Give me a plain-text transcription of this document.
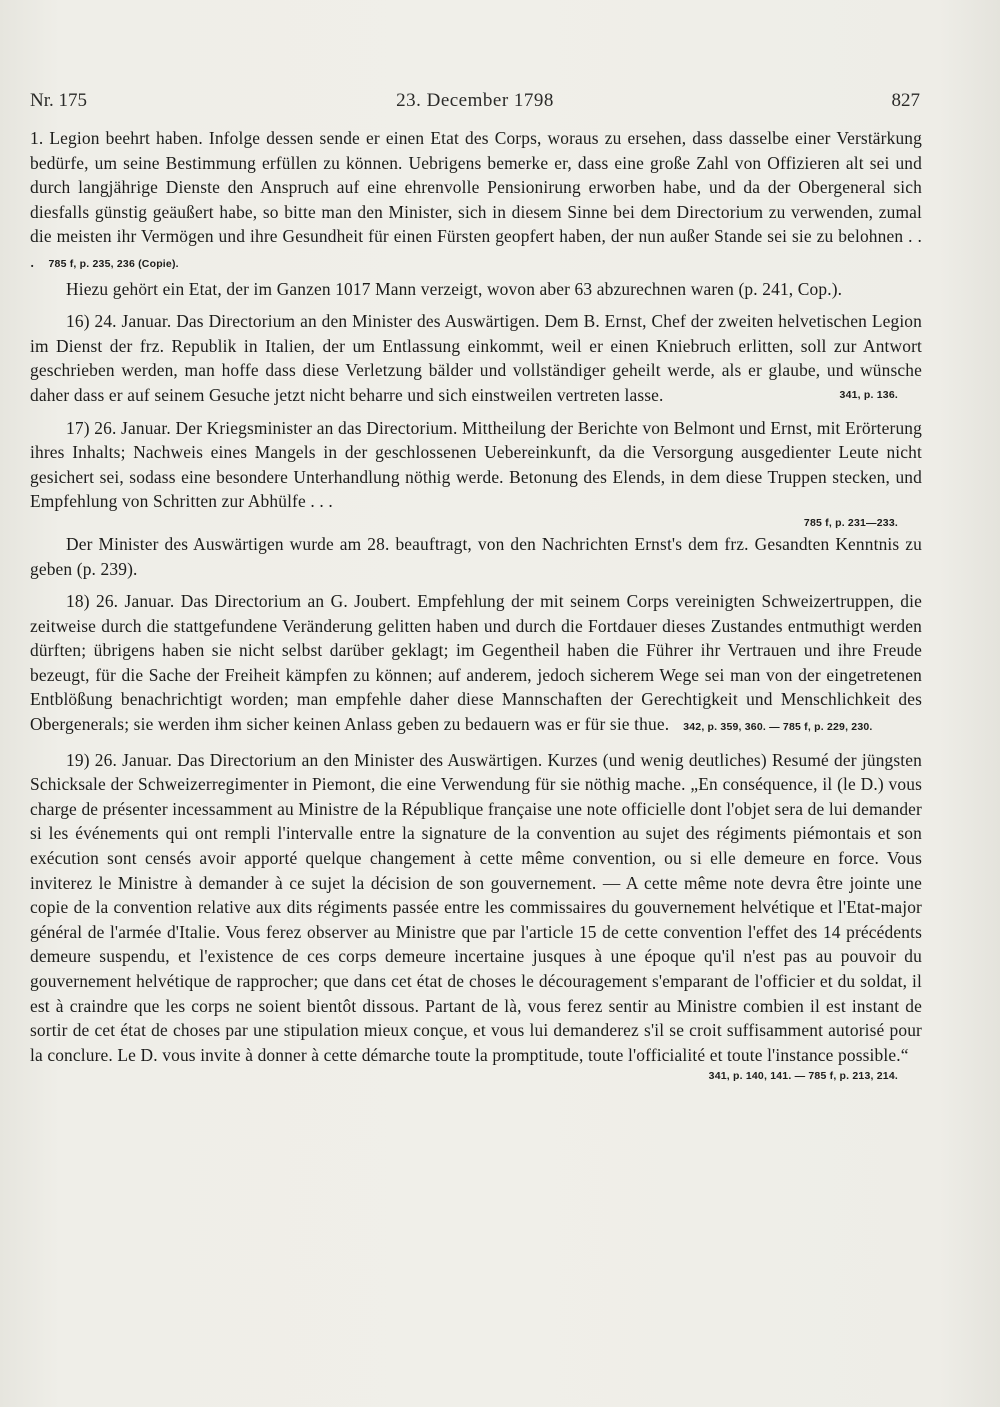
Nr. 175	23. December 1798	827

1. Legion beehrt haben. Infolge dessen sende er einen Etat des Corps, woraus zu ersehen, dass dasselbe einer Verstärkung bedürfe, um seine Bestimmung erfüllen zu können. Uebrigens bemerke er, dass eine große Zahl von Offizieren alt sei und durch langjährige Dienste den Anspruch auf eine ehrenvolle Pensionirung erworben habe, und da der Obergeneral sich diesfalls günstig geäußert habe, so bitte man den Minister, sich in diesem Sinne bei dem Directorium zu verwenden, zumal die meisten ihr Vermögen und ihre Gesundheit für einen Fürsten geopfert haben, der nun außer Stande sei sie zu belohnen . . . 785 f, p. 235, 236 (Copie).

Hiezu gehört ein Etat, der im Ganzen 1017 Mann verzeigt, wovon aber 63 abzurechnen waren (p. 241, Cop.).

16) 24. Januar. Das Directorium an den Minister des Auswärtigen. Dem B. Ernst, Chef der zweiten helvetischen Legion im Dienst der frz. Republik in Italien, der um Entlassung einkommt, weil er einen Kniebruch erlitten, soll zur Antwort geschrieben werden, man hoffe dass diese Verletzung bälder und vollständiger geheilt werde, als er glaube, und wünsche daher dass er auf seinem Gesuche jetzt nicht beharre und sich einstweilen vertreten lasse.	341, p. 136.

17) 26. Januar. Der Kriegsminister an das Directorium. Mittheilung der Berichte von Belmont und Ernst, mit Erörterung ihres Inhalts; Nachweis eines Mangels in der geschlossenen Uebereinkunft, da die Versorgung ausgedienter Leute nicht gesichert sei, sodass eine besondere Unterhandlung nöthig werde. Betonung des Elends, in dem diese Truppen stecken, und Empfehlung von Schritten zur Abhülfe . . .

785 f, p. 231—233.

Der Minister des Auswärtigen wurde am 28. beauftragt, von den Nachrichten Ernst's dem frz. Gesandten Kenntnis zu geben (p. 239).

18) 26. Januar. Das Directorium an G. Joubert. Empfehlung der mit seinem Corps vereinigten Schweizertruppen, die zeitweise durch die stattgefundene Veränderung gelitten haben und durch die Fortdauer dieses Zustandes entmuthigt werden dürften; übrigens haben sie nicht selbst darüber geklagt; im Gegentheil haben die Führer ihr Vertrauen und ihre Freude bezeugt, für die Sache der Freiheit kämpfen zu können; auf anderem, jedoch sicherem Wege sei man von der eingetretenen Entblößung benachrichtigt worden; man empfehle daher diese Mannschaften der Gerechtigkeit und Menschlichkeit des Obergenerals; sie werden ihm sicher keinen Anlass geben zu bedauern was er für sie thue. 342, p. 359, 360. — 785 f, p. 229, 230.

19) 26. Januar. Das Directorium an den Minister des Auswärtigen. Kurzes (und wenig deutliches) Resumé der jüngsten Schicksale der Schweizerregimenter in Piemont, die eine Verwendung für sie nöthig mache. „En conséquence, il (le D.) vous charge de présenter incessamment au Ministre de la République française une note officielle dont l'objet sera de lui demander si les événements qui ont rempli l'intervalle entre la signature de la convention au sujet des régiments piémontais et son exécution sont censés avoir apporté quelque changement à cette même convention, ou si elle demeure en force. Vous inviterez le Ministre à demander à ce sujet la décision de son gouvernement. — A cette même note devra être jointe une copie de la convention relative aux dits régiments passée entre les commissaires du gouvernement helvétique et l'Etat-major général de l'armée d'Italie. Vous ferez observer au Ministre que par l'article 15 de cette convention l'effet des 14 précédents demeure suspendu, et l'existence de ces corps demeure incertaine jusques à une époque qu'il n'est pas au pouvoir du gouvernement helvétique de rapprocher; que dans cet état de choses le découragement s'emparant de l'officier et du soldat, il est à craindre que les corps ne soient bientôt dissous. Partant de là, vous ferez sentir au Ministre combien il est instant de sortir de cet état de choses par une stipulation mieux conçue, et vous lui demanderez s'il se croit suffisamment autorisé pour la conclure. Le D. vous invite à donner à cette démarche toute la promptitude, toute l'officialité et toute l'instance possible.“

341, p. 140, 141. — 785 f, p. 213, 214.
